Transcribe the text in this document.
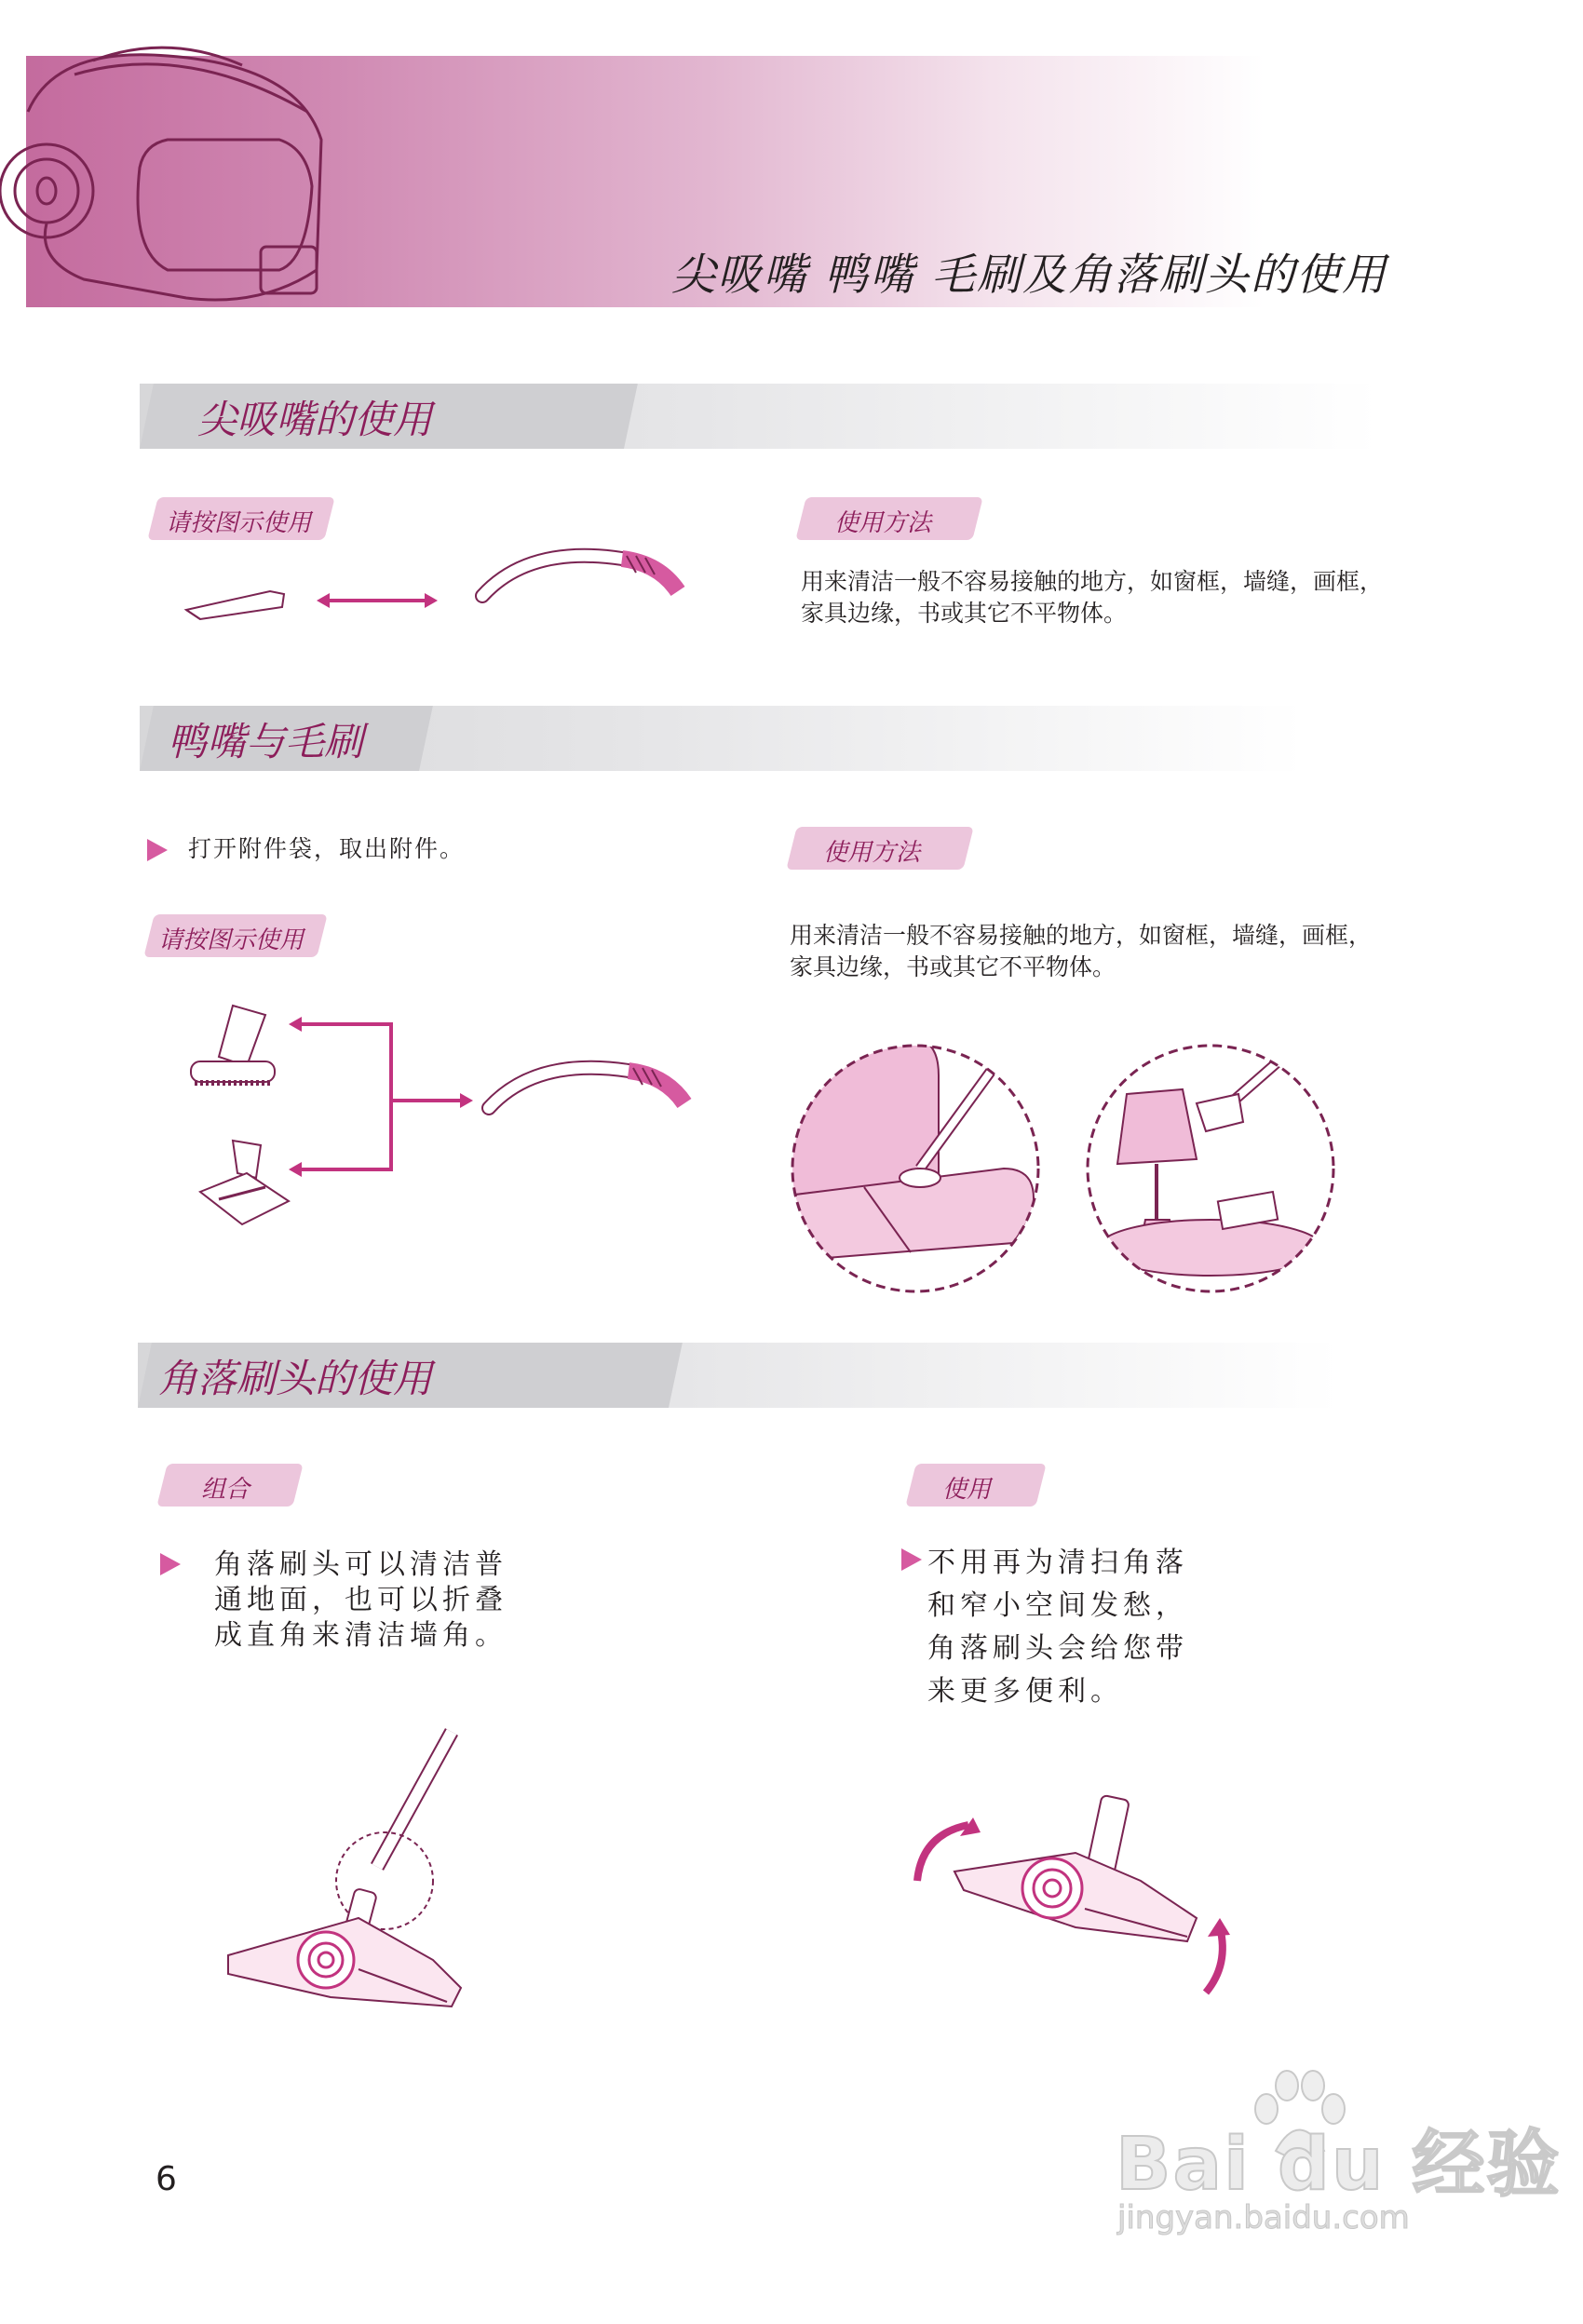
尖吸嘴 鸭嘴 毛刷及角落刷头的使用
尖吸嘴的使用
请按图示使用	使用方法
用来清洁一般不容易接触的地方，如窗框，墙缝，画框，家具边缘，书或其它不平物体。
鸭嘴与毛刷
打开附件袋，取出附件。	使用方法
请按图示使用	用来清洁一般不容易接触的地方，如窗框，墙缝，画框，家具边缘，书或其它不平物体。
角落刷头的使用
组合	使用
角落刷头可以清洁普通地面，也可以折叠成直角来清洁墙角。
不用再为清扫角落和窄小空间发愁，角落刷头会给您带来更多便利。
6	Bai du 经验
jingyan.baidu.com
